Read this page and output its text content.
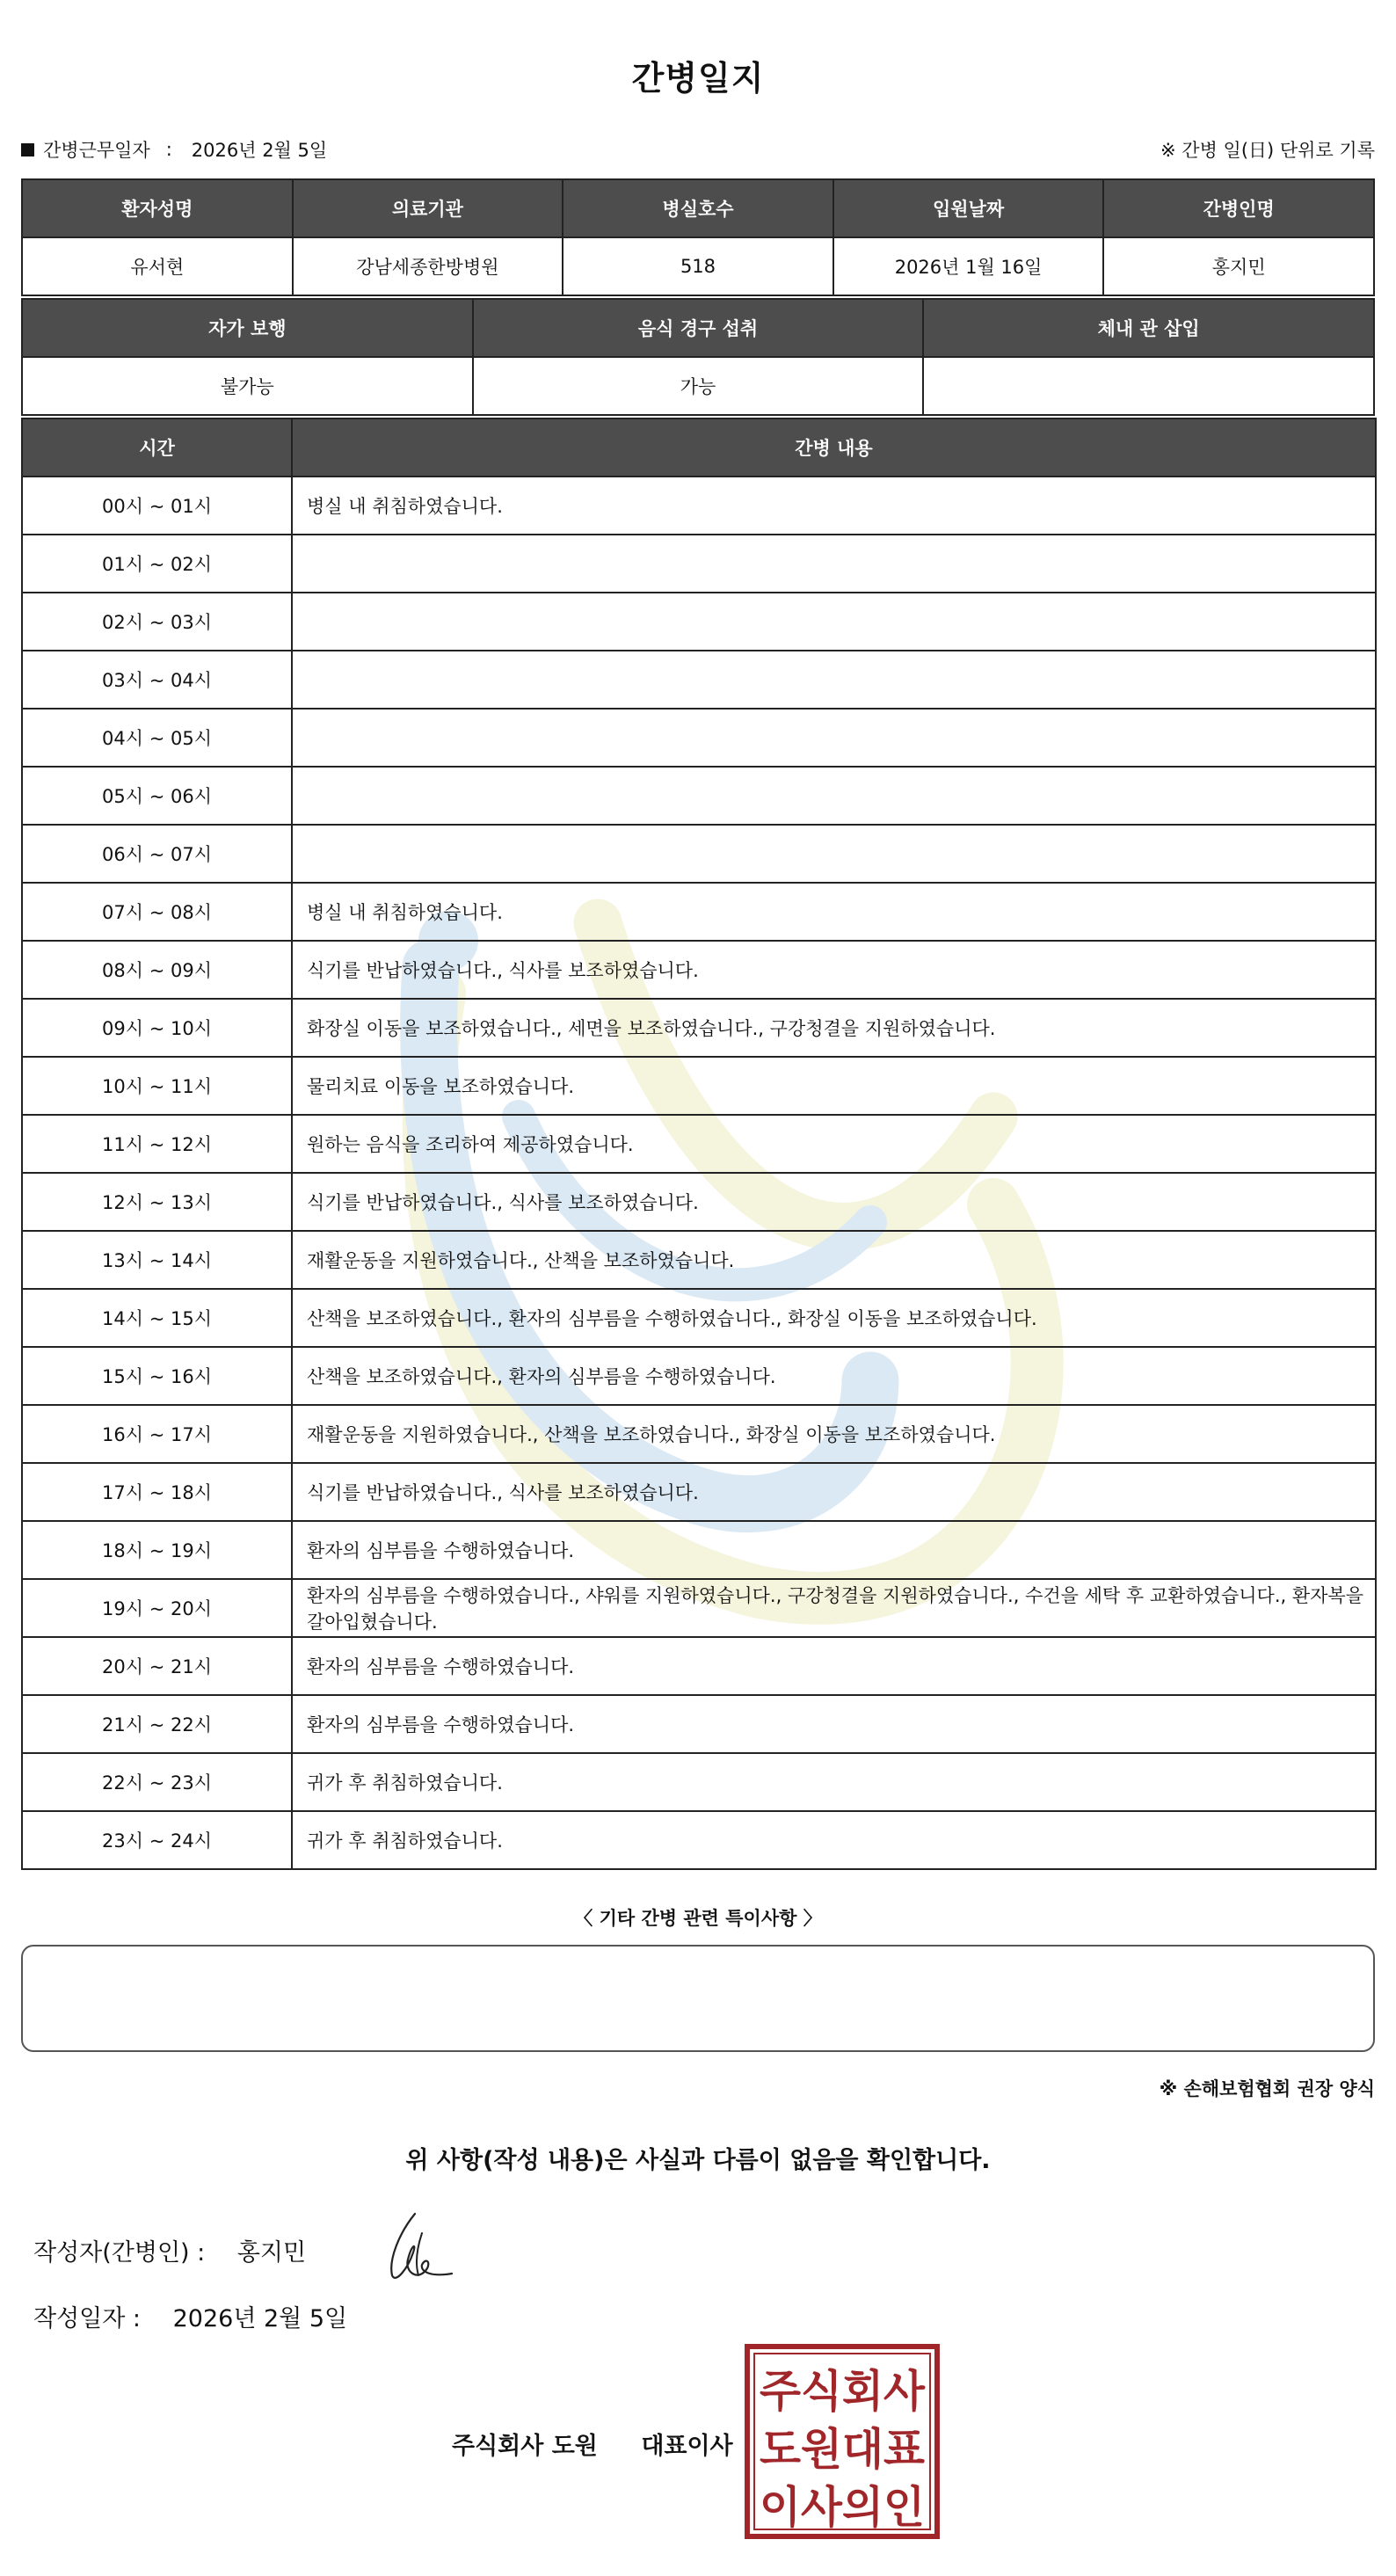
간병일지
간병근무일자 : 2026년 2월 5일	※ 간병 일(日) 단위로 기록
환자성명	의료기관	병실호수	입원날짜	간병인명
유서현	강남세종한방병원	518	2026년 1월 16일	홍지민
자가 보행	음식 경구 섭취	체내 관 삽입
불가능	가능	
시간	간병 내용
00시 ~ 01시	병실 내 취침하였습니다.
01시 ~ 02시	
02시 ~ 03시	
03시 ~ 04시	
04시 ~ 05시	
05시 ~ 06시	
06시 ~ 07시	
07시 ~ 08시	병실 내 취침하였습니다.
08시 ~ 09시	식기를 반납하였습니다., 식사를 보조하였습니다.
09시 ~ 10시	화장실 이동을 보조하였습니다., 세면을 보조하였습니다., 구강청결을 지원하였습니다.
10시 ~ 11시	물리치료 이동을 보조하였습니다.
11시 ~ 12시	원하는 음식을 조리하여 제공하였습니다.
12시 ~ 13시	식기를 반납하였습니다., 식사를 보조하였습니다.
13시 ~ 14시	재활운동을 지원하였습니다., 산책을 보조하였습니다.
14시 ~ 15시	산책을 보조하였습니다., 환자의 심부름을 수행하였습니다., 화장실 이동을 보조하였습니다.
15시 ~ 16시	산책을 보조하였습니다., 환자의 심부름을 수행하였습니다.
16시 ~ 17시	재활운동을 지원하였습니다., 산책을 보조하였습니다., 화장실 이동을 보조하였습니다.
17시 ~ 18시	식기를 반납하였습니다., 식사를 보조하였습니다.
18시 ~ 19시	환자의 심부름을 수행하였습니다.
19시 ~ 20시	환자의 심부름을 수행하였습니다., 샤워를 지원하였습니다., 구강청결을 지원하였습니다., 수건을 세탁 후 교환하였습니다., 환자복을 갈아입혔습니다.
20시 ~ 21시	환자의 심부름을 수행하였습니다.
21시 ~ 22시	환자의 심부름을 수행하였습니다.
22시 ~ 23시	귀가 후 취침하였습니다.
23시 ~ 24시	귀가 후 취침하였습니다.
〈 기타 간병 관련 특이사항 〉
※ 손해보험협회 권장 양식
위 사항(작성 내용)은 사실과 다름이 없음을 확인합니다.
작성자(간병인) : 홍지민
작성일자 : 2026년 2월 5일
주식회사 도원 대표이사
주식회사
도원대표
이사의인
